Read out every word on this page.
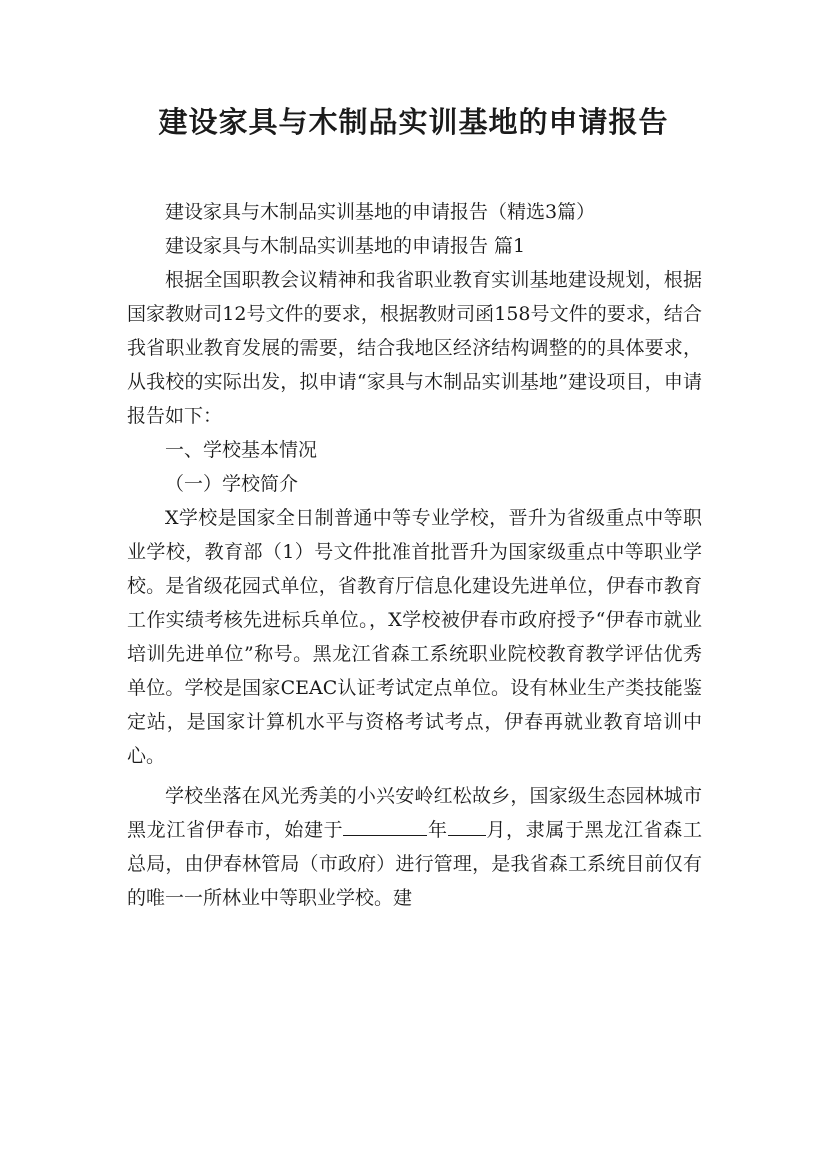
建设家具与木制品实训基地的申请报告

建设家具与木制品实训基地的申请报告（精选3篇）

建设家具与木制品实训基地的申请报告 篇1

根据全国职教会议精神和我省职业教育实训基地建设规划，根据国家教财司12号文件的要求，根据教财司函158号文件的要求，结合我省职业教育发展的需要，结合我地区经济结构调整的的具体要求，从我校的实际出发，拟申请“家具与木制品实训基地”建设项目，申请报告如下：

一、学校基本情况

（一）学校简介

X学校是国家全日制普通中等专业学校，晋升为省级重点中等职业学校，教育部（1）号文件批准首批晋升为国家级重点中等职业学校。是省级花园式单位，省教育厅信息化建设先进单位，伊春市教育工作实绩考核先进标兵单位。，X学校被伊春市政府授予“伊春市就业培训先进单位”称号。黑龙江省森工系统职业院校教育教学评估优秀单位。学校是国家CEAC认证考试定点单位。设有林业生产类技能鉴定站，是国家计算机水平与资格考试考点，伊春再就业教育培训中心。

学校坐落在风光秀美的小兴安岭红松故乡，国家级生态园林城市黑龙江省伊春市，始建于	年 月，隶属于黑龙江省森工总局，由伊春林管局（市政府）进行管理，是我省森工系统目前仅有的唯一一所林业中等职业学校。建
